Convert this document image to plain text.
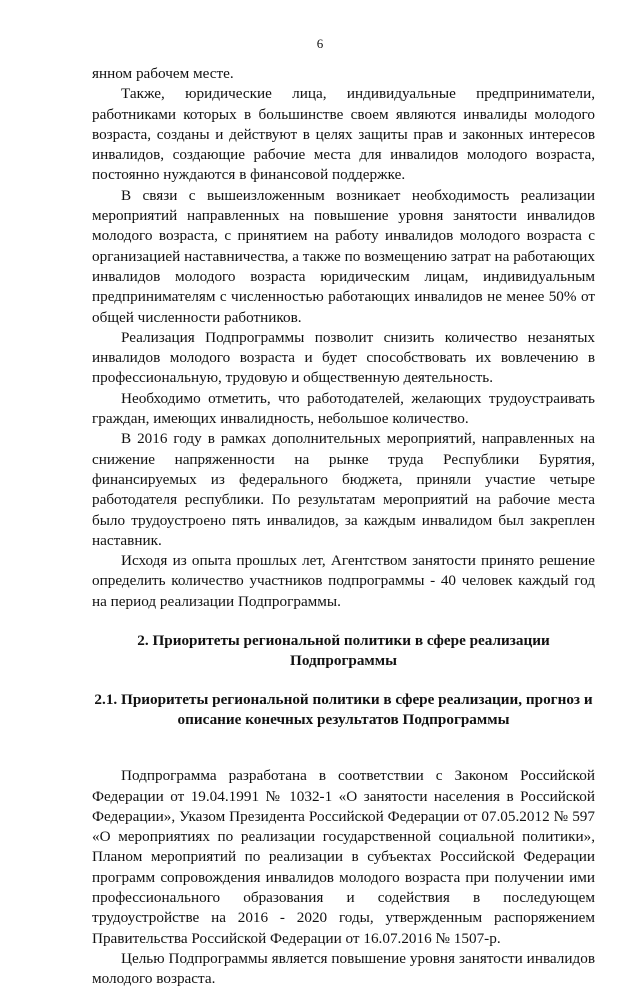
6

янном рабочем месте.

Также, юридические лица, индивидуальные предприниматели, работниками которых в большинстве своем являются инвалиды молодого возраста, созданы и действуют в целях защиты прав и законных интересов инвалидов, создающие рабочие места для инвалидов молодого возраста, постоянно нуждаются в финансовой поддержке.

В связи с вышеизложенным возникает необходимость реализации мероприятий направленных на повышение уровня занятости инвалидов молодого возраста, с принятием на работу инвалидов молодого возраста с организацией наставничества, а также по возмещению затрат на работающих инвалидов молодого возраста юридическим лицам, индивидуальным предпринимателям с численностью работающих инвалидов не менее 50% от общей численности работников.

Реализация Подпрограммы позволит снизить количество незанятых инвалидов молодого возраста и будет способствовать их вовлечению в профессиональную, трудовую и общественную деятельность.

Необходимо отметить, что работодателей, желающих трудоустраивать граждан, имеющих инвалидность, небольшое количество.

В 2016 году в рамках дополнительных мероприятий, направленных на снижение напряженности на рынке труда Республики Бурятия, финансируемых из федерального бюджета, приняли участие четыре работодателя республики. По результатам мероприятий на рабочие места было трудоустроено пять инвалидов, за каждым инвалидом был закреплен наставник.

Исходя из опыта прошлых лет, Агентством занятости принято решение определить количество участников подпрограммы - 40 человек каждый год на период реализации Подпрограммы.

2. Приоритеты региональной политики в сфере реализации Подпрограммы

2.1. Приоритеты региональной политики в сфере реализации, прогноз и описание конечных результатов Подпрограммы

Подпрограмма разработана в соответствии с Законом Российской Федерации от 19.04.1991 № 1032-1 «О занятости населения в Российской Федерации», Указом Президента Российской Федерации от 07.05.2012 № 597 «О мероприятиях по реализации государственной социальной политики», Планом мероприятий по реализации в субъектах Российской Федерации программ сопровождения инвалидов молодого возраста при получении ими профессионального образования и содействия в последующем трудоустройстве на 2016 - 2020 годы, утвержденным распоряжением Правительства Российской Федерации от 16.07.2016 № 1507-р.

Целью Подпрограммы является повышение уровня занятости инвалидов молодого возраста.
